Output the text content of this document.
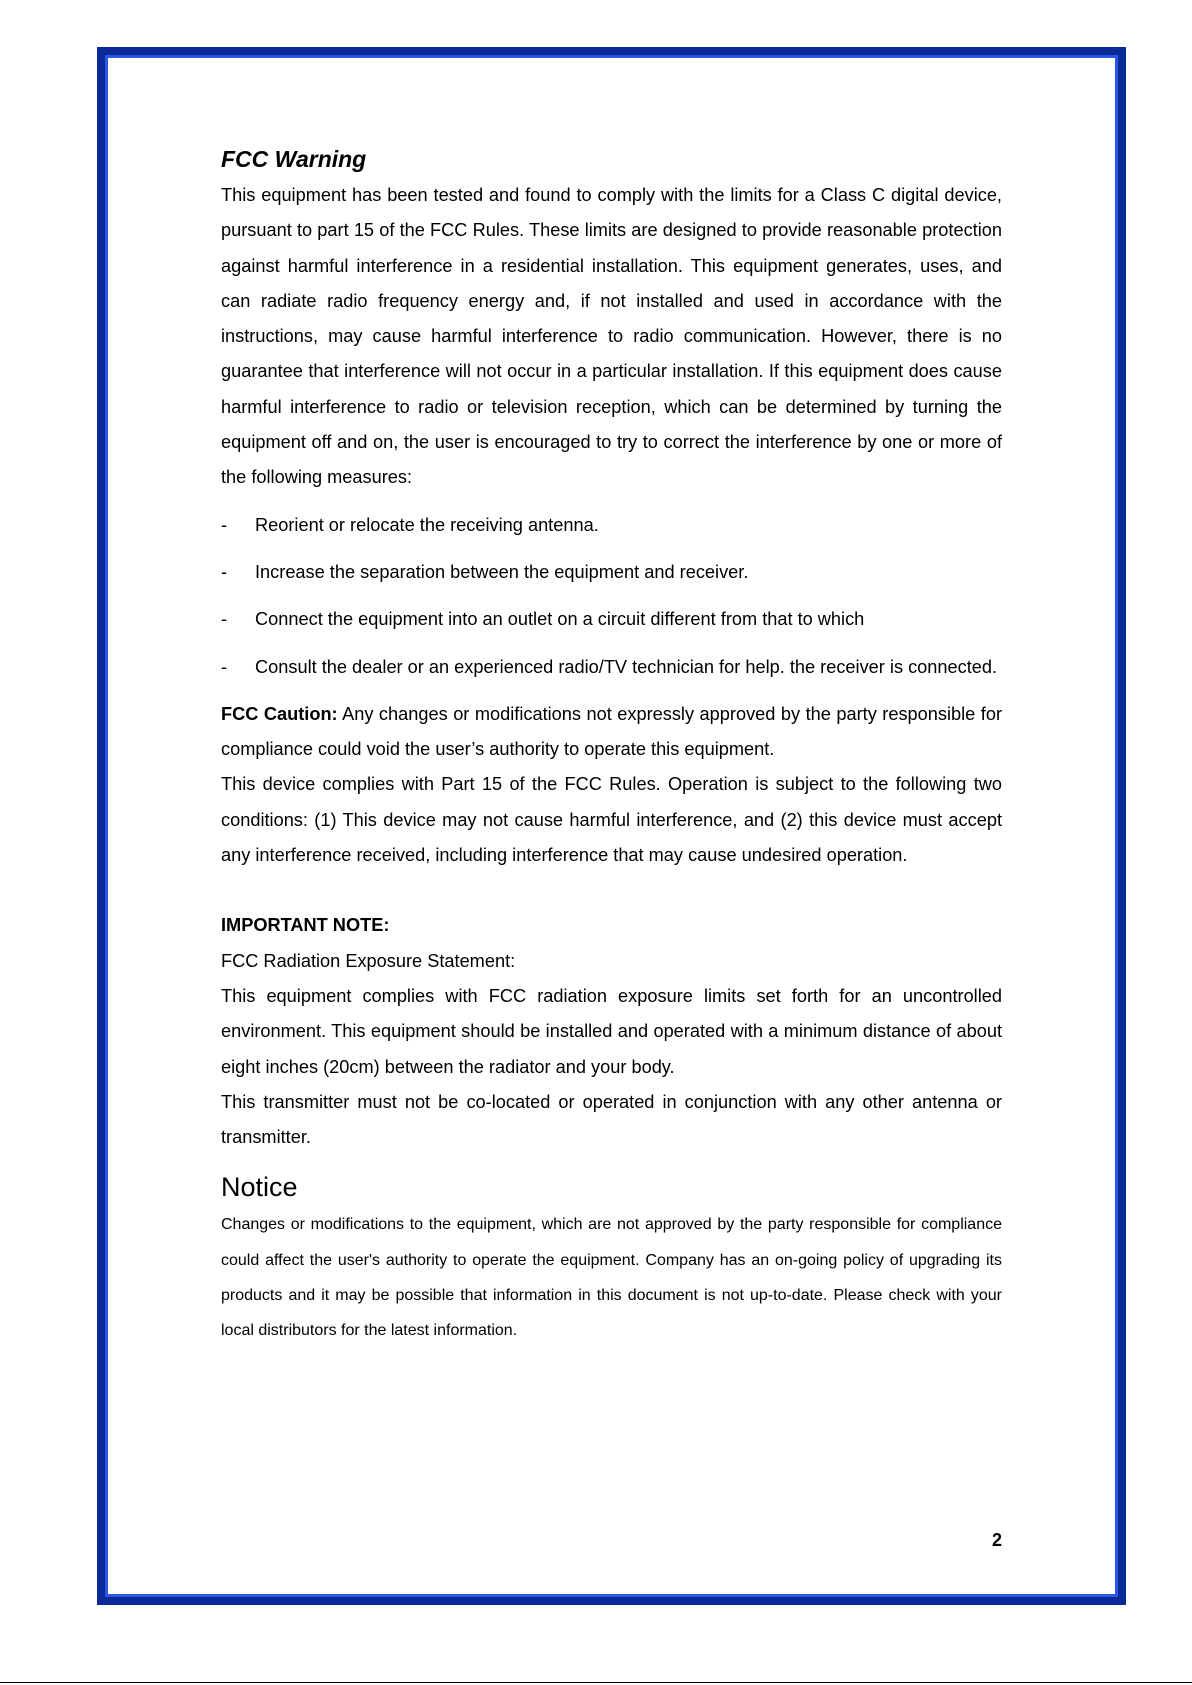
FCC Warning

This equipment has been tested and found to comply with the limits for a Class C digital device, pursuant to part 15 of the FCC Rules. These limits are designed to provide reasonable protection against harmful interference in a residential installation. This equipment generates, uses, and can radiate radio frequency energy and, if not installed and used in accordance with the instructions, may cause harmful interference to radio communication. However, there is no guarantee that interference will not occur in a particular installation. If this equipment does cause harmful interference to radio or television reception, which can be determined by turning the equipment off and on, the user is encouraged to try to correct the interference by one or more of the following measures:

- Reorient or relocate the receiving antenna.
- Increase the separation between the equipment and receiver.
- Connect the equipment into an outlet on a circuit different from that to which
- Consult the dealer or an experienced radio/TV technician for help. the receiver is connected.

FCC Caution: Any changes or modifications not expressly approved by the party responsible for compliance could void the user’s authority to operate this equipment.

This device complies with Part 15 of the FCC Rules. Operation is subject to the following two conditions: (1) This device may not cause harmful interference, and (2) this device must accept any interference received, including interference that may cause undesired operation.

IMPORTANT NOTE:

FCC Radiation Exposure Statement:

This equipment complies with FCC radiation exposure limits set forth for an uncontrolled environment. This equipment should be installed and operated with a minimum distance of about eight inches (20cm) between the radiator and your body.

This transmitter must not be co-located or operated in conjunction with any other antenna or transmitter.

Notice

Changes or modifications to the equipment, which are not approved by the party responsible for compliance could affect the user's authority to operate the equipment. Company has an on-going policy of upgrading its products and it may be possible that information in this document is not up-to-date. Please check with your local distributors for the latest information.

2
